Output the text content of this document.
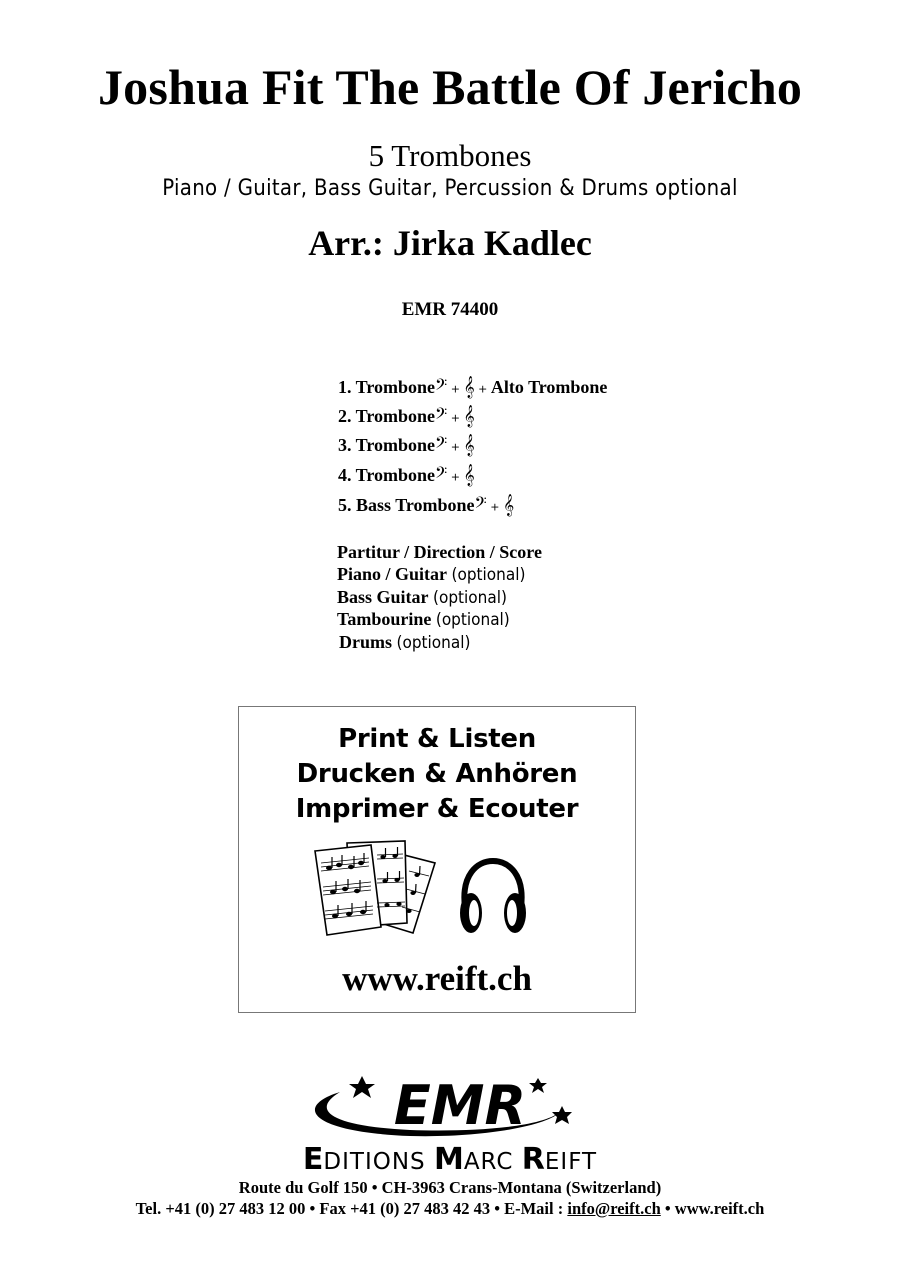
Joshua Fit The Battle Of Jericho
5 Trombones
Piano / Guitar, Bass Guitar, Percussion & Drums optional
Arr.: Jirka Kadlec
EMR 74400
1. Trombone𝄢 + 𝄞 + Alto Trombone
2. Trombone𝄢 + 𝄞
3. Trombone𝄢 + 𝄞
4. Trombone𝄢 + 𝄞
5. Bass Trombone𝄢 + 𝄞
Partitur / Direction / Score
Piano / Guitar (optional)
Bass Guitar (optional)
Tambourine (optional)
Drums (optional)
Print & Listen
Drucken & Anhören
Imprimer & Ecouter
www.reift.ch
EMR
EDITIONS MARC REIFT
Route du Golf 150 • CH-3963 Crans-Montana (Switzerland)
Tel. +41 (0) 27 483 12 00 • Fax +41 (0) 27 483 42 43 • E-Mail : info@reift.ch • www.reift.ch
